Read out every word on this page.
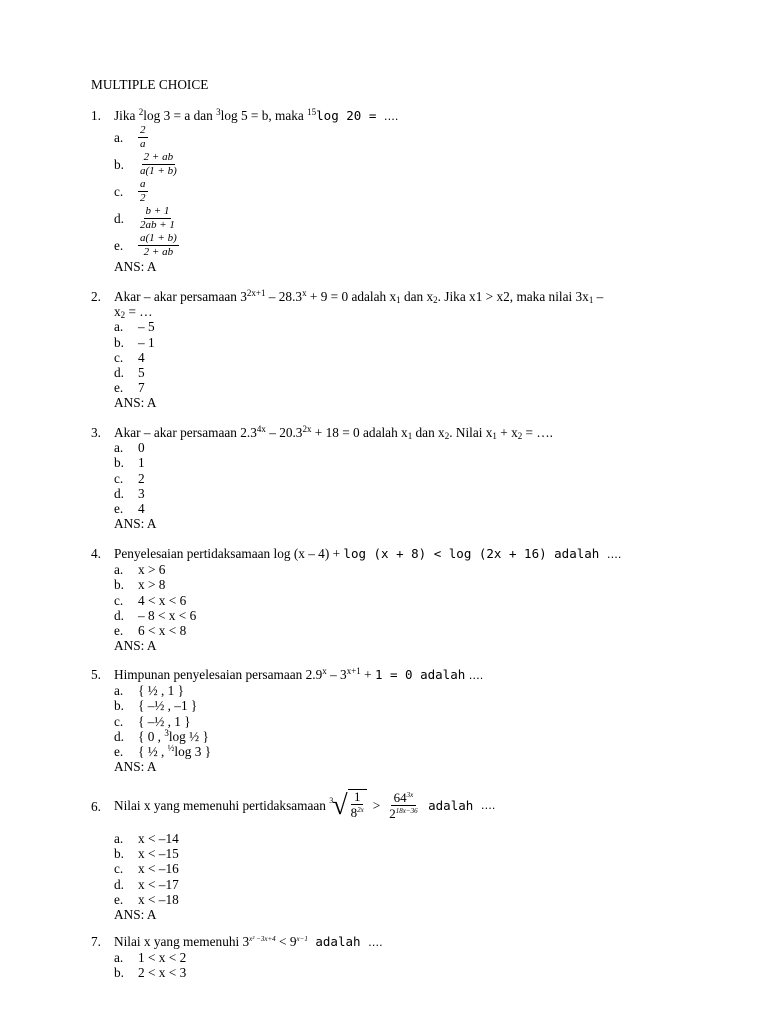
MULTIPLE CHOICE
1. Jika $^2$log 3 = a dan $^3$log 5 = b, maka $^{15}$log 20 = ….
a. $\frac{2}{a}$
b. $\frac{2 + ab}{a(1 + b)}$
c. $\frac{a}{2}$
d. $\frac{b + 1}{2ab + 1}$
e. $\frac{a(1 + b)}{2 + ab}$
ANS: A
2. Akar – akar persamaan $3^{2x+1} - 28.3^x + 9 = 0$ adalah $x_1$ dan $x_2$. Jika x1 > x2, maka nilai $3x_1$ –
$x_2$ = …
a. – 5
b. – 1
c. 4
d. 5
e. 7
ANS: A
3. Akar – akar persamaan $2.3^{4x} - 20.3^{2x} + 18 = 0$ adalah $x_1$ dan $x_2$. Nilai $x_1 + x_2$ = ….
a. 0
b. 1
c. 2
d. 3
e. 4
ANS: A
4. Penyelesaian pertidaksamaan log (x – 4) + log (x + 8) < log (2x + 16) adalah ….
a. x > 6
b. x > 8
c. 4 < x < 6
d. – 8 < x < 6
e. 6 < x < 8
ANS: A
5. Himpunan penyelesaian persamaan $2.9^x - 3^{x+1} + 1 = 0$ adalah ….
a. { ½ , 1 }
b. { –½ , –1 }
c. { –½ , 1 }
d. { 0 , $^3$log ½ }
e. { ½ , $^{\frac{1}{2}}$log 3 }
ANS: A
6. Nilai x yang memenuhi pertidaksamaan 3 √ $\frac{1}{8^{2x}} > \frac{64^{3x}}{2^{18x-36}}$ adalah ….
a. x < –14
b. x < –15
c. x < –16
d. x < –17
e. x < –18
ANS: A
7. Nilai x yang memenuhi $3^{x^2 -3x+4} < 9^{x-1}$ adalah ….
a. 1 < x < 2
b. 2 < x < 3
